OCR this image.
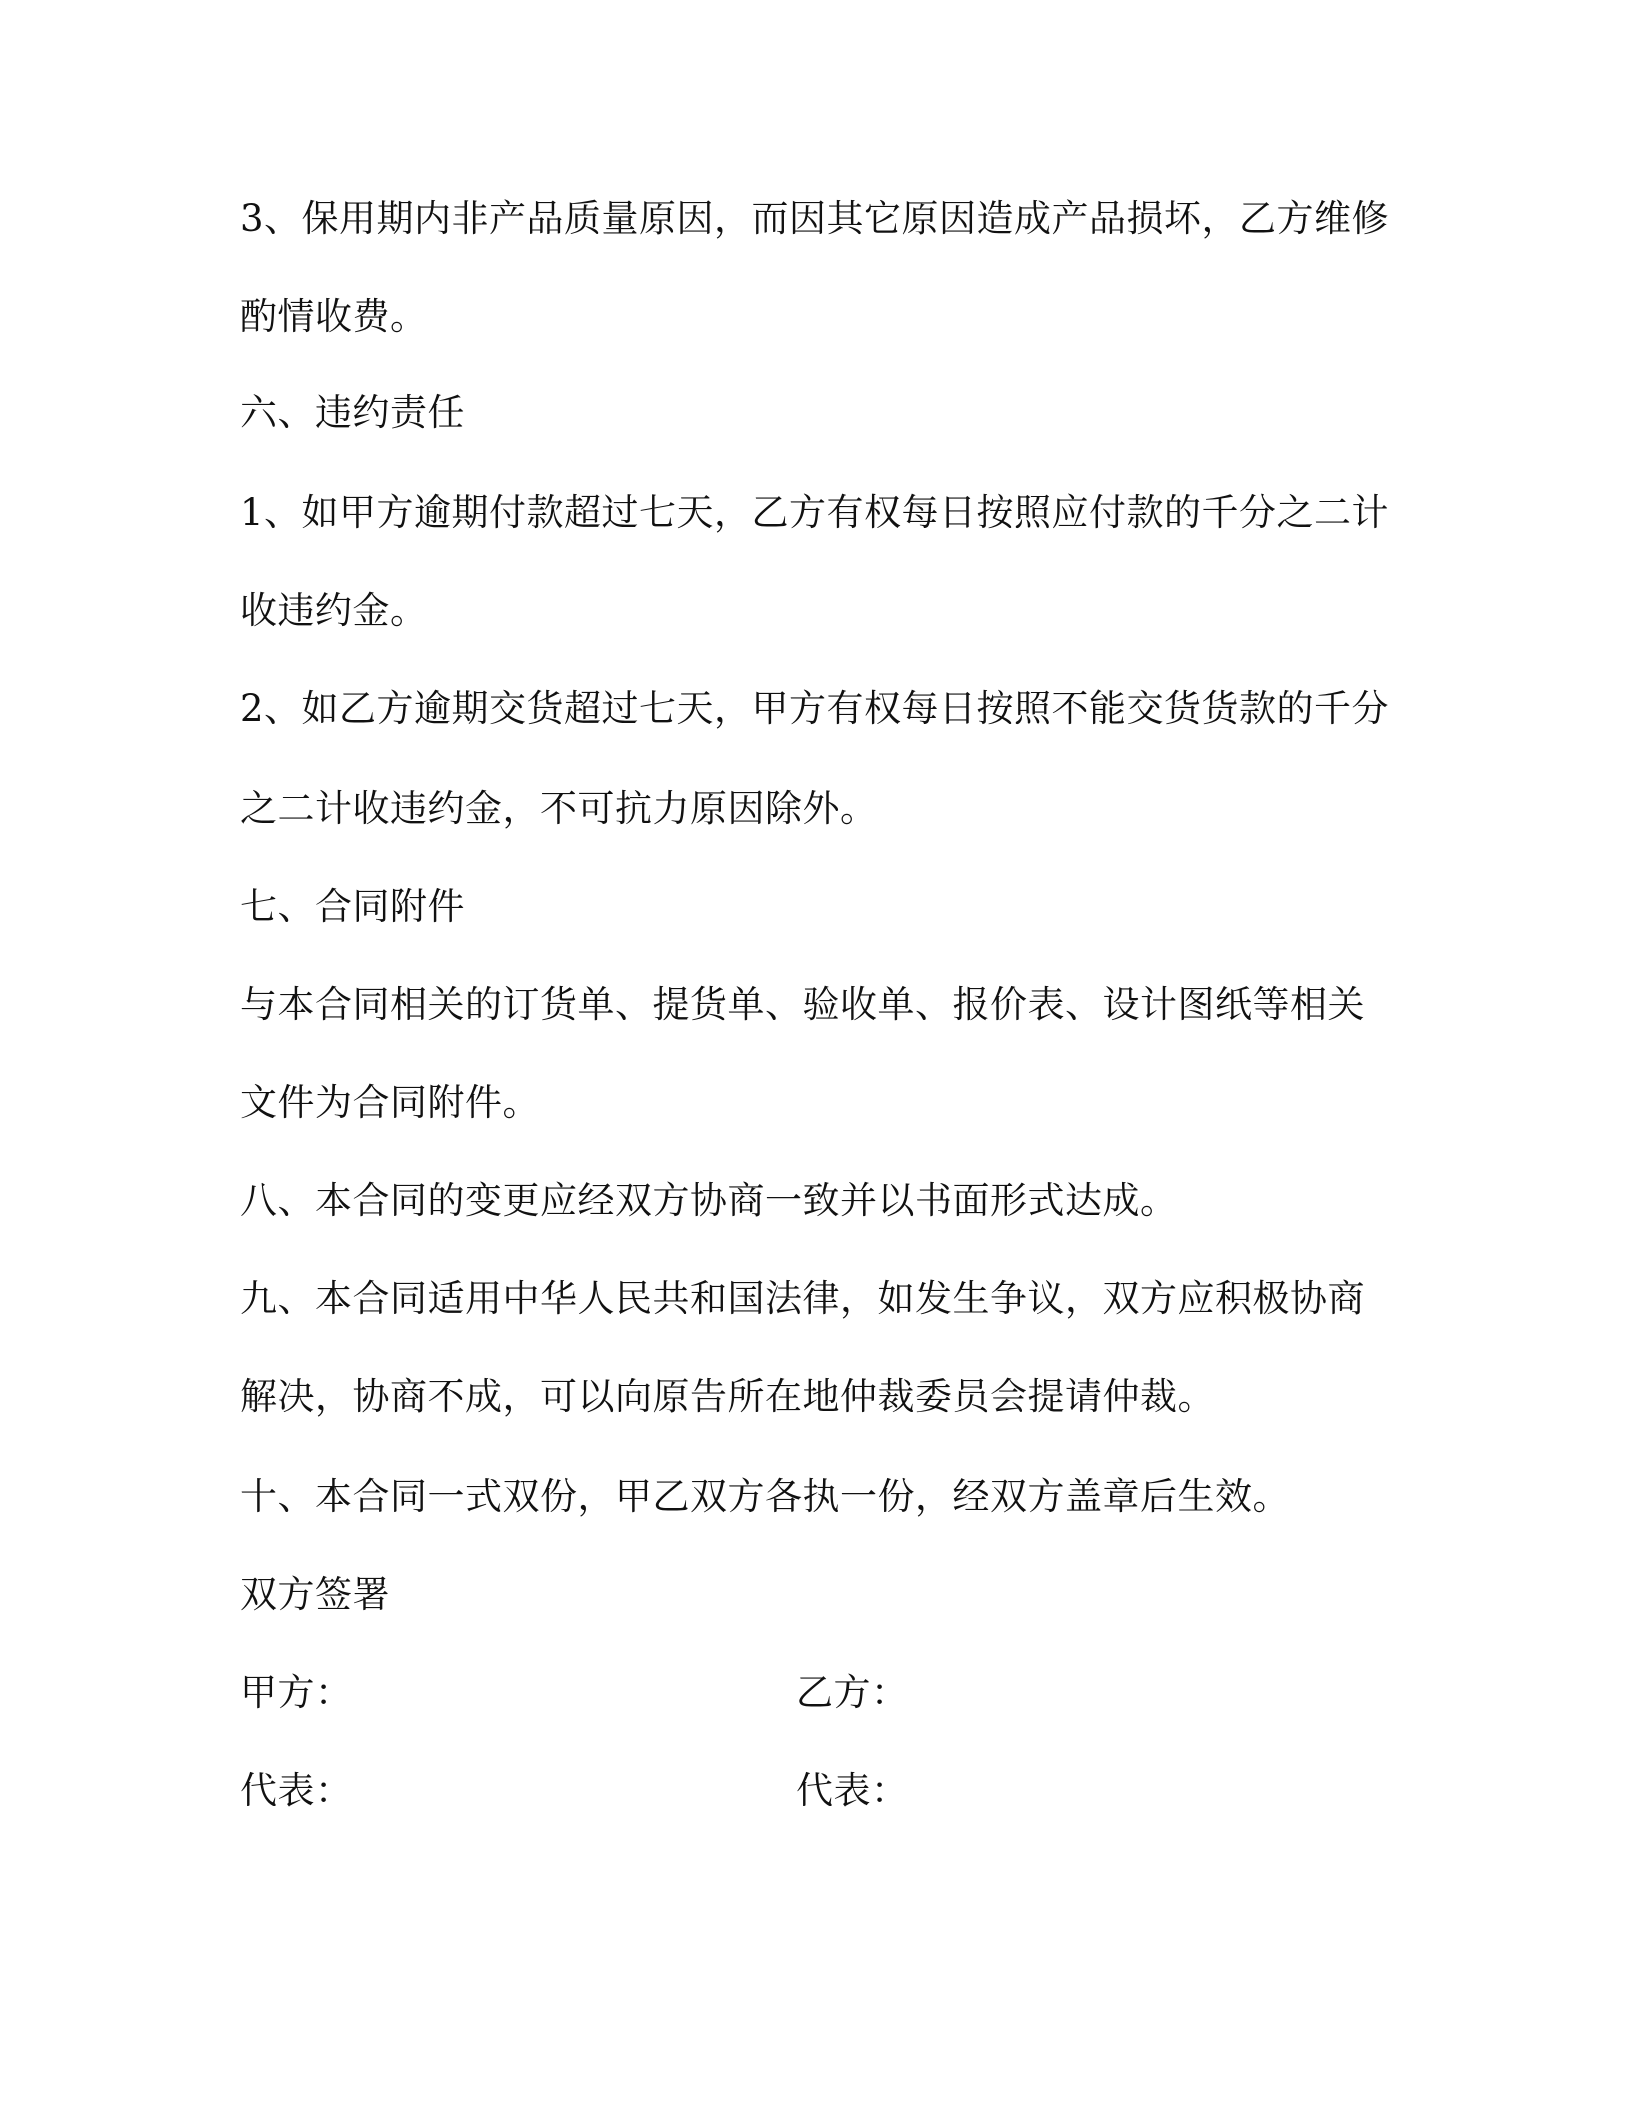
3、保用期内非产品质量原因，而因其它原因造成产品损坏，乙方维修
酌情收费。
六、违约责任
1、如甲方逾期付款超过七天，乙方有权每日按照应付款的千分之二计
收违约金。
2、如乙方逾期交货超过七天，甲方有权每日按照不能交货货款的千分
之二计收违约金，不可抗力原因除外。
七、合同附件
与本合同相关的订货单、提货单、验收单、报价表、设计图纸等相关
文件为合同附件。
八、本合同的变更应经双方协商一致并以书面形式达成。
九、本合同适用中华人民共和国法律，如发生争议，双方应积极协商
解决，协商不成，可以向原告所在地仲裁委员会提请仲裁。
十、本合同一式双份，甲乙双方各执一份，经双方盖章后生效。
双方签署
甲方：	乙方：
代表：	代表：
